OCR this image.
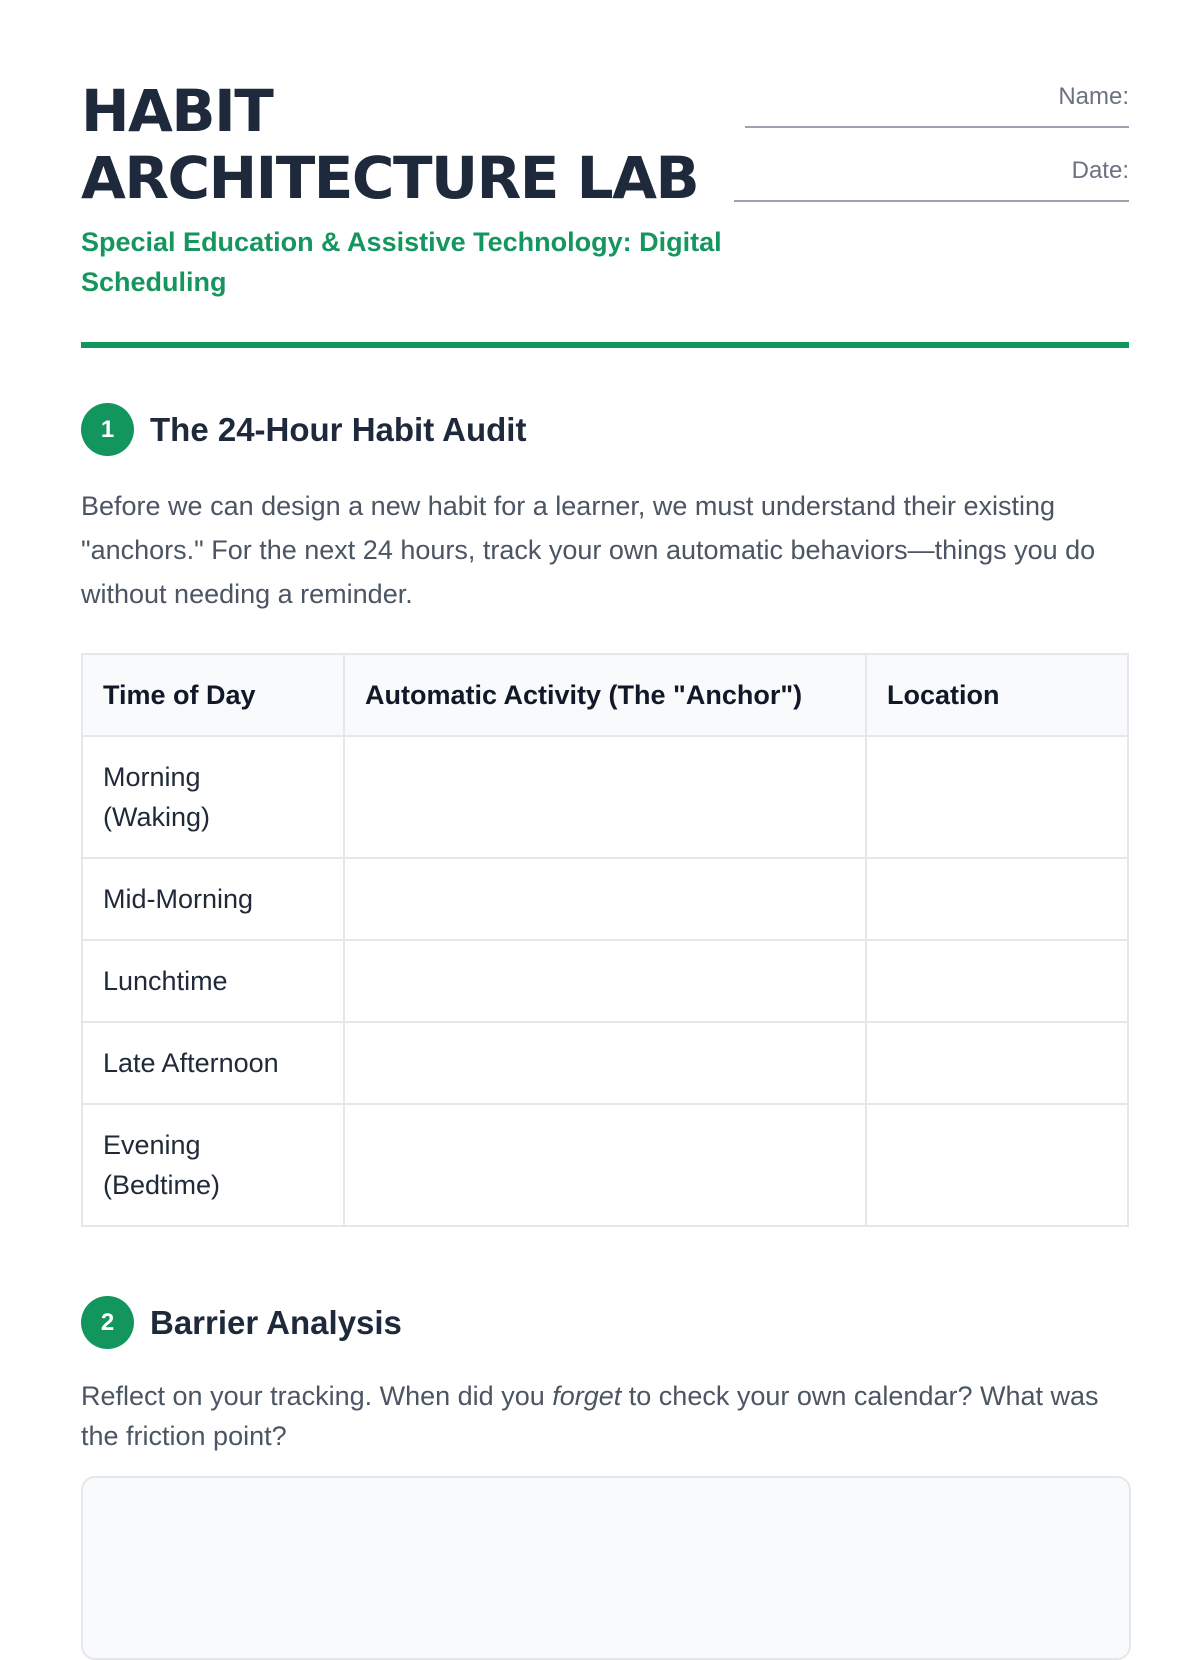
HABIT
ARCHITECTURE LAB

Special Education & Assistive Technology: Digital Scheduling

Name:
Date:
1	The 24-Hour Habit Audit

Before we can design a new habit for a learner, we must understand their existing "anchors." For the next 24 hours, track your own automatic behaviors—things you do without needing a reminder.

Time of Day	Automatic Activity (The "Anchor")	Location

Morning
(Waking)		

Mid-Morning		

Lunchtime		

Late Afternoon		

Evening
(Bedtime)		

2	Barrier Analysis

Reflect on your tracking. When did you forget to check your own calendar? What was the friction point?
